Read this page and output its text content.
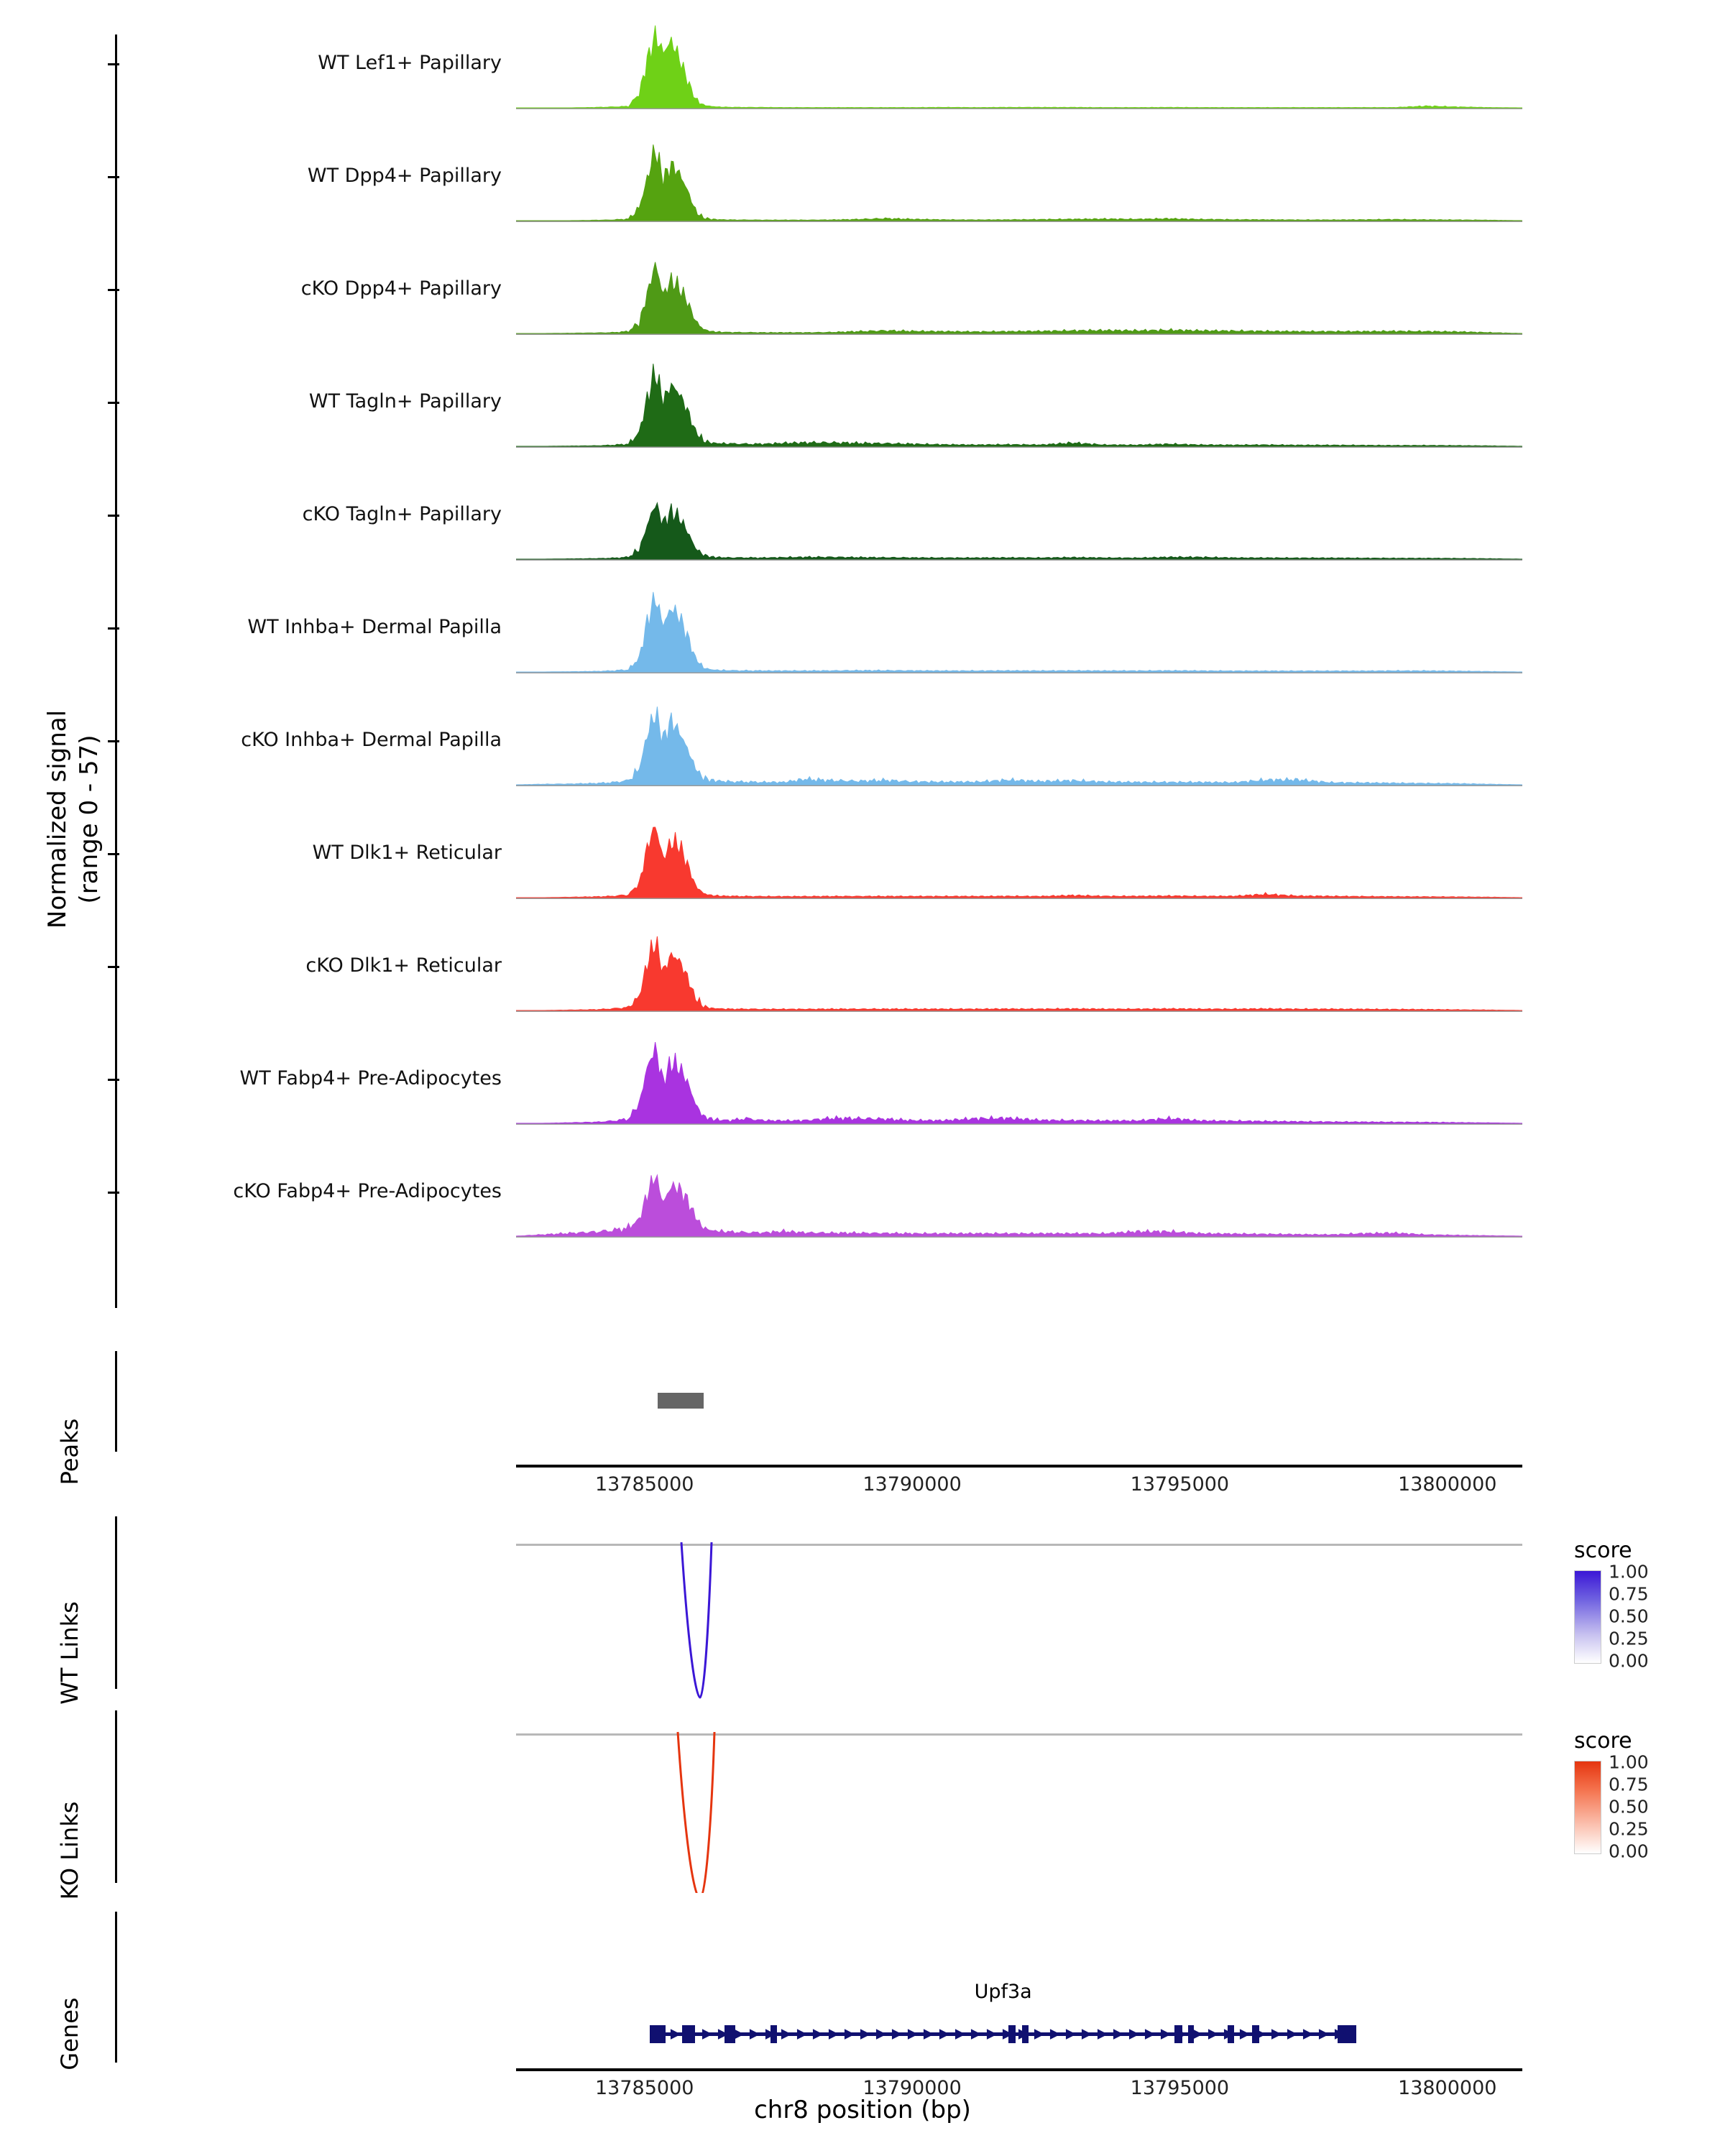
Normalized signal (range 0 - 57)
WT Lef1+ Papillary
WT Dpp4+ Papillary
cKO Dpp4+ Papillary
WT Tagln+ Papillary
cKO Tagln+ Papillary
WT Inhba+ Dermal Papilla
cKO Inhba+ Dermal Papilla
WT Dlk1+ Reticular
cKO Dlk1+ Reticular
WT Fabp4+ Pre-Adipocytes
cKO Fabp4+ Pre-Adipocytes
Peaks	13785000	13790000	13795000	13800000
WT Links
score
1.00
0.75
0.50
0.25
0.00
KO Links
score
1.00
0.75
0.50
0.25
0.00
Genes
Upf3a
▶ ▶ ▶ ▶ ▶ ▶ ▶ ▶ ▶ ▶ ▶ ▶ ▶ ▶ ▶ ▶ ▶ ▶ ▶ ▶ ▶ ▶ ▶ ▶ ▶ ▶ ▶ ▶ ▶ ▶ ▶ ▶ ▶ ▶ ▶ ▶ ▶ ▶ ▶ ▶ ▶ ▶ ▶ ▶
13785000	13790000	13795000	13800000
chr8 position (bp)
